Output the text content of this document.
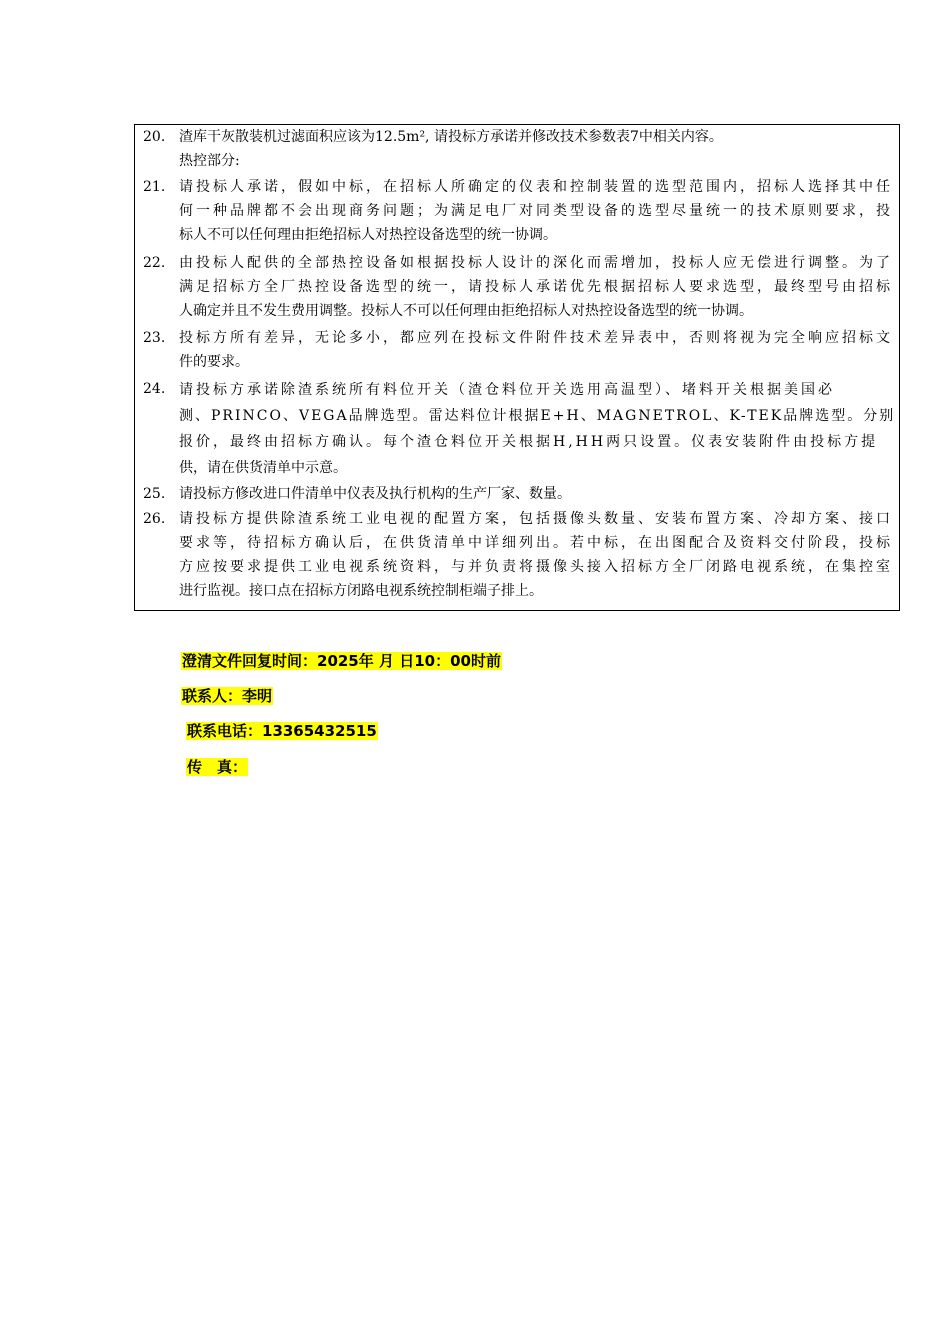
20. 渣库干灰散装机过滤面积应该为12.5m², 请投标方承诺并修改技术参数表7中相关内容。
热控部分:
21. 请投标人承诺，假如中标，在招标人所确定的仪表和控制装置的选型范围内，招标人选择其中任
何一种品牌都不会出现商务问题；为满足电厂对同类型设备的选型尽量统一的技术原则要求，投
标人不可以任何理由拒绝招标人对热控设备选型的统一协调。
22. 由投标人配供的全部热控设备如根据投标人设计的深化而需增加，投标人应无偿进行调整。为了
满足招标方全厂热控设备选型的统一，请投标人承诺优先根据招标人要求选型，最终型号由招标
人确定并且不发生费用调整。投标人不可以任何理由拒绝招标人对热控设备选型的统一协调。
23. 投标方所有差异，无论多小，都应列在投标文件附件技术差异表中，否则将视为完全响应招标文
件的要求。
24. 请投标方承诺除渣系统所有料位开关（渣仓料位开关选用高温型）、堵料开关根据美国必
测、PRINCO、VEGA品牌选型。雷达料位计根据E+H、MAGNETROL、K-TEK品牌选型。分别
报价，最终由招标方确认。每个渣仓料位开关根据H,HH两只设置。仪表安装附件由投标方提
供，请在供货清单中示意。
25. 请投标方修改进口件清单中仪表及执行机构的生产厂家、数量。
26. 请投标方提供除渣系统工业电视的配置方案，包括摄像头数量、安装布置方案、冷却方案、接口
要求等，待招标方确认后，在供货清单中详细列出。若中标，在出图配合及资料交付阶段，投标
方应按要求提供工业电视系统资料，与并负责将摄像头接入招标方全厂闭路电视系统，在集控室
进行监视。接口点在招标方闭路电视系统控制柜端子排上。
澄清文件回复时间：2025年 月 日10：00时前
联系人：李明
联系电话：13365432515
传　真：
